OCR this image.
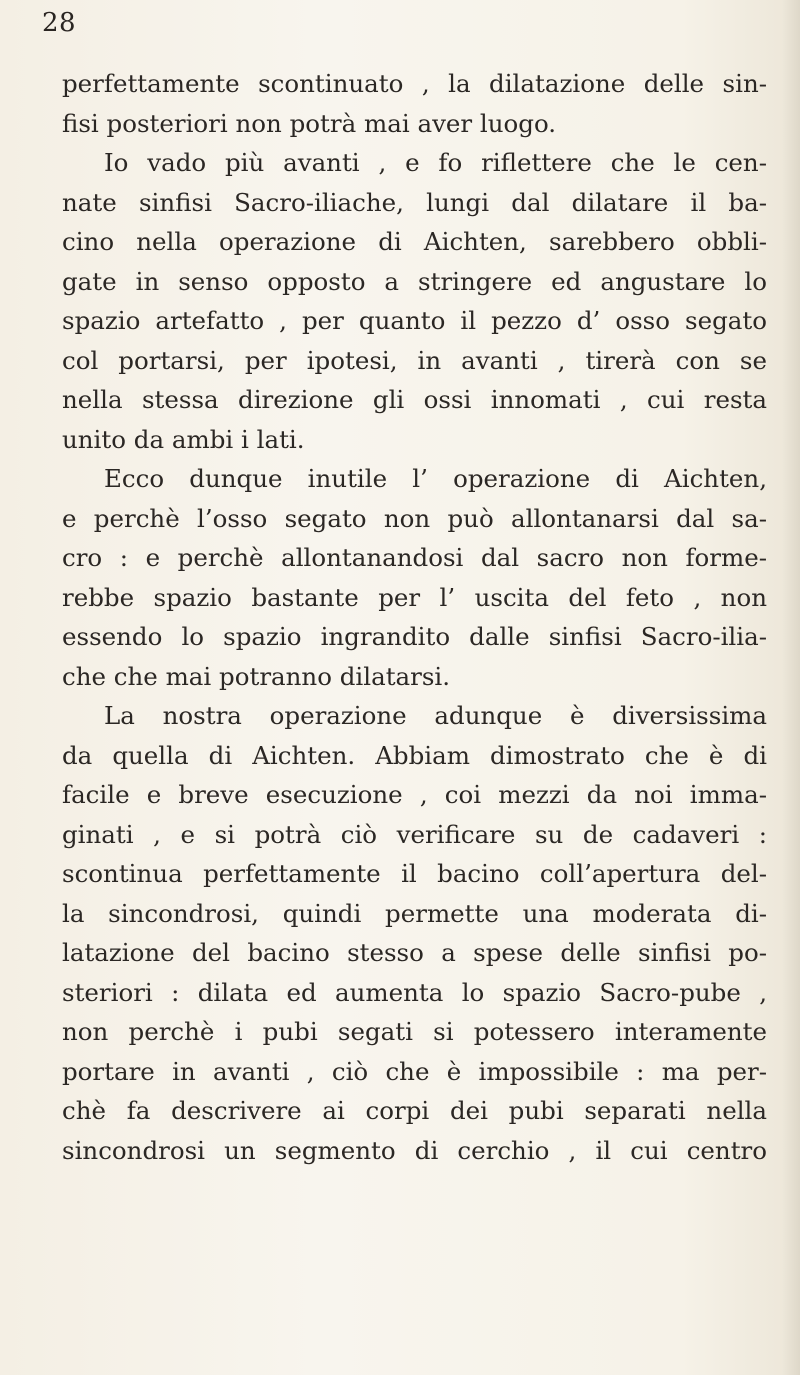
28
perfettamente scontinuato , la dilatazione delle sin-
fisi posteriori non potrà mai aver luogo.
Io vado più avanti , e fo riflettere che le cen-
nate sinfisi Sacro-iliache, lungi dal dilatare il ba-
cino nella operazione di Aichten, sarebbero obbli-
gate in senso opposto a stringere ed angustare lo
spazio artefatto , per quanto il pezzo d’ osso segato
col portarsi, per ipotesi, in avanti , tirerà con se
nella stessa direzione gli ossi innomati , cui resta
unito da ambi i lati.
Ecco dunque inutile l’ operazione di Aichten,
e perchè l’osso segato non può allontanarsi dal sa-
cro : e perchè allontanandosi dal sacro non forme-
rebbe spazio bastante per l’ uscita del feto , non
essendo lo spazio ingrandito dalle sinfisi Sacro-ilia-
che che mai potranno dilatarsi.
La nostra operazione adunque è diversissima
da quella di Aichten. Abbiam dimostrato che è di
facile e breve esecuzione , coi mezzi da noi imma-
ginati , e si potrà ciò verificare su de cadaveri :
scontinua perfettamente il bacino coll’apertura del-
la sincondrosi, quindi permette una moderata di-
latazione del bacino stesso a spese delle sinfisi po-
steriori : dilata ed aumenta lo spazio Sacro-pube ,
non perchè i pubi segati si potessero interamente
portare in avanti , ciò che è impossibile : ma per-
chè fa descrivere ai corpi dei pubi separati nella
sincondrosi un segmento di cerchio , il cui centro
